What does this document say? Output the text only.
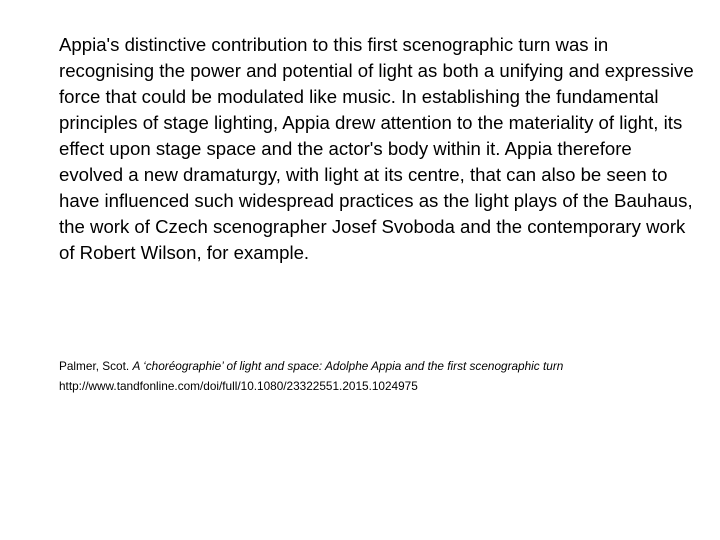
Appia's distinctive contribution to this first scenographic turn was in recognising the power and potential of light as both a unifying and expressive force that could be modulated like music. In establishing the fundamental principles of stage lighting, Appia drew attention to the materiality of light, its effect upon stage space and the actor's body within it. Appia therefore evolved a new dramaturgy, with light at its centre, that can also be seen to have influenced such widespread practices as the light plays of the Bauhaus, the work of Czech scenographer Josef Svoboda and the contemporary work of Robert Wilson, for example.

Palmer, Scot. A ‘choréographie’ of light and space: Adolphe Appia and the first scenographic turn
http://www.tandfonline.com/doi/full/10.1080/23322551.2015.1024975
